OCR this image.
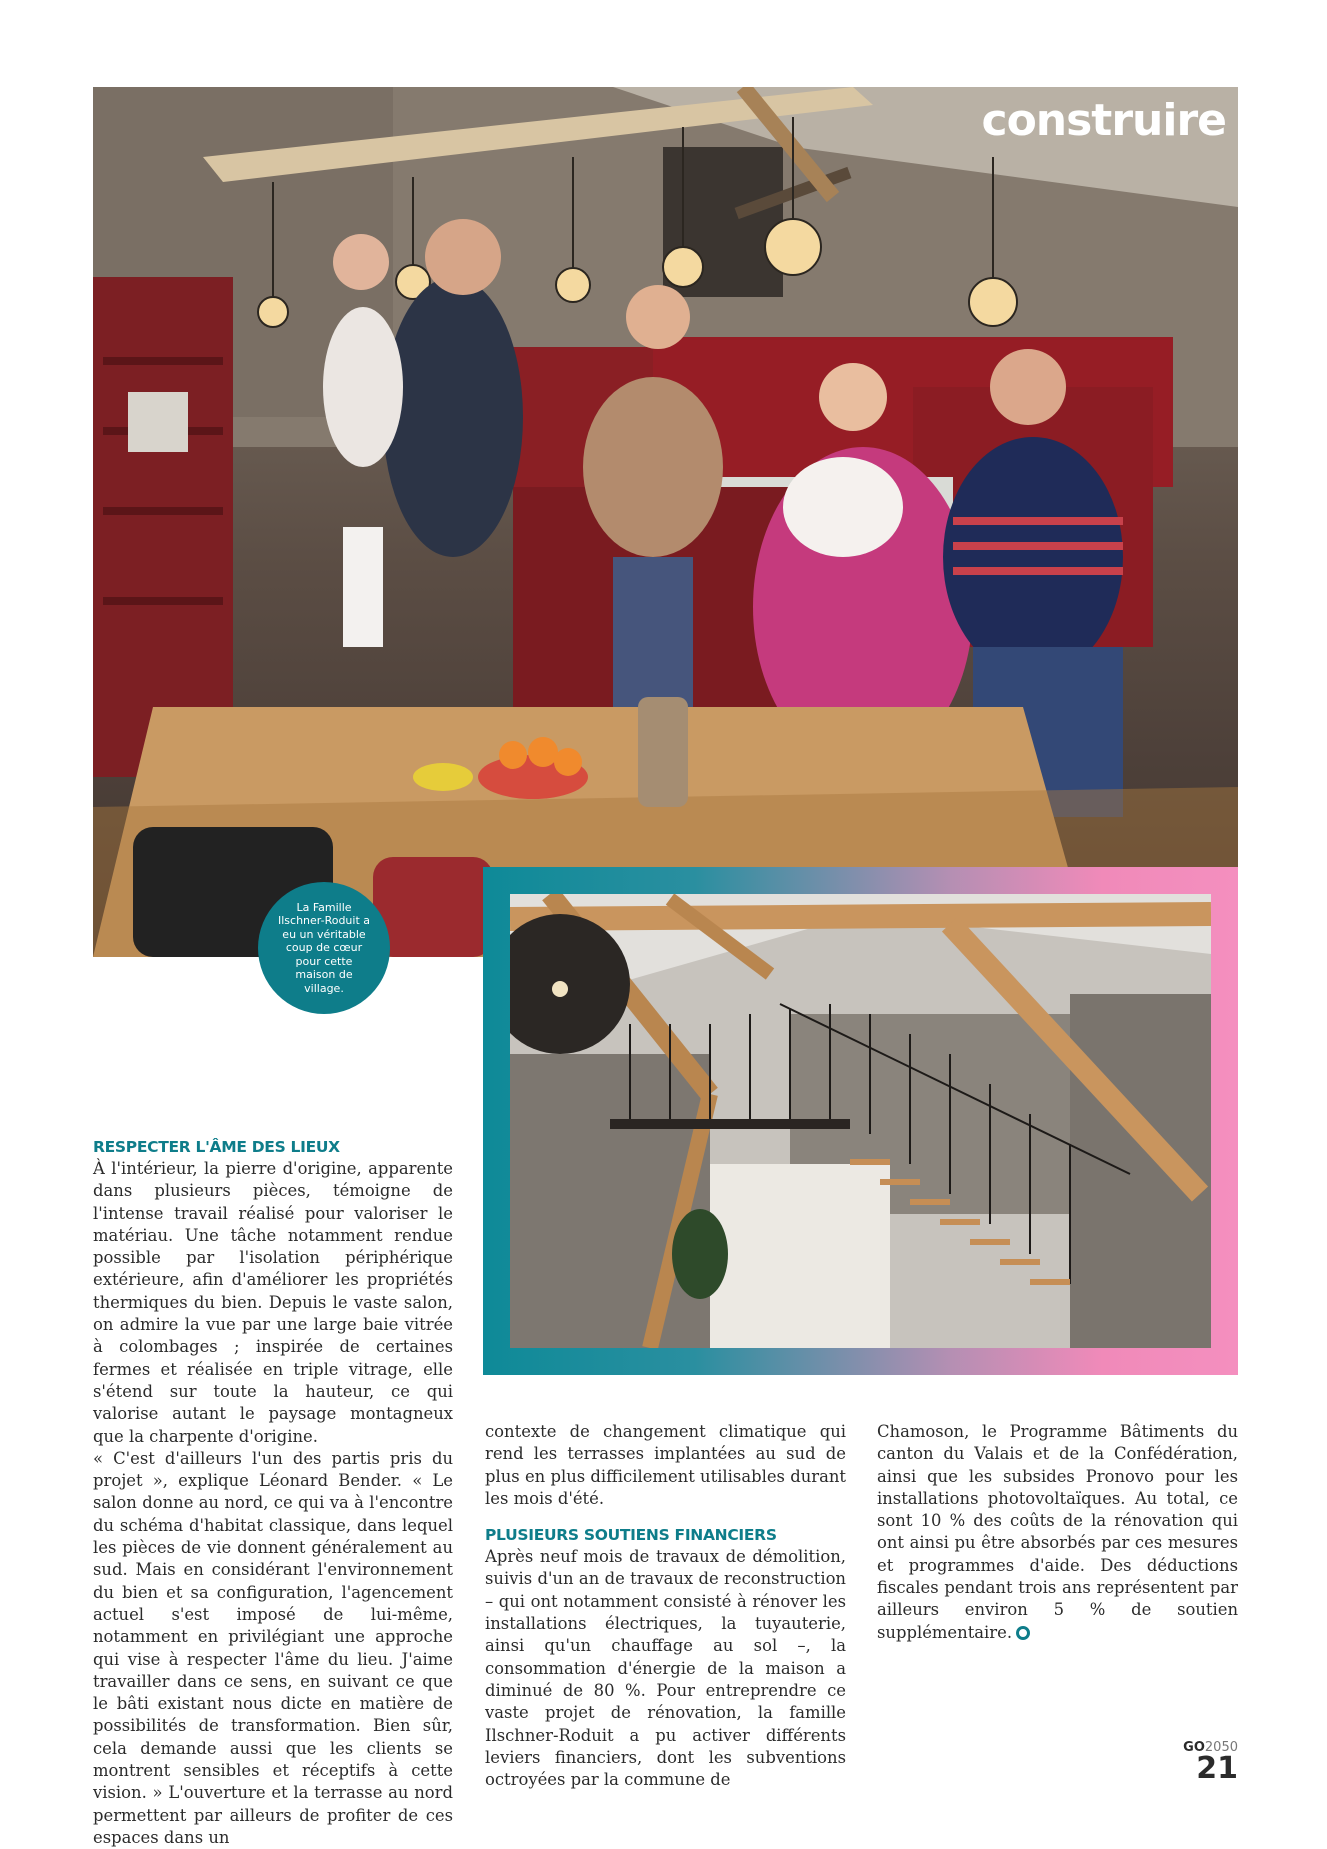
construire
La Famille Ilschner-Roduit a eu un véritable coup de cœur pour cette maison de village.
RESPECTER L'ÂME DES LIEUX

À l'intérieur, la pierre d'origine, apparente dans plusieurs pièces, témoigne de l'intense travail réalisé pour valoriser le matériau. Une tâche notamment rendue possible par l'isolation périphérique extérieure, afin d'améliorer les propriétés thermiques du bien. Depuis le vaste salon, on admire la vue par une large baie vitrée à colombages ; inspirée de certaines fermes et réalisée en triple vitrage, elle s'étend sur toute la hauteur, ce qui valorise autant le paysage montagneux que la charpente d'origine.

« C'est d'ailleurs l'un des partis pris du projet », explique Léonard Bender. « Le salon donne au nord, ce qui va à l'encontre du schéma d'habitat classique, dans lequel les pièces de vie donnent généralement au sud. Mais en considérant l'environnement du bien et sa configuration, l'agencement actuel s'est imposé de lui-même, notamment en privilégiant une approche qui vise à respecter l'âme du lieu. J'aime travailler dans ce sens, en suivant ce que le bâti existant nous dicte en matière de possibilités de transformation. Bien sûr, cela demande aussi que les clients se montrent sensibles et réceptifs à cette vision. » L'ouverture et la terrasse au nord permettent par ailleurs de profiter de ces espaces dans un

contexte de changement climatique qui rend les terrasses implantées au sud de plus en plus difficilement utilisables durant les mois d'été.

PLUSIEURS SOUTIENS FINANCIERS

Après neuf mois de travaux de démolition, suivis d'un an de travaux de reconstruction – qui ont notamment consisté à rénover les installations électriques, la tuyauterie, ainsi qu'un chauffage au sol –, la consommation d'énergie de la maison a diminué de 80 %. Pour entreprendre ce vaste projet de rénovation, la famille Ilschner-Roduit a pu activer différents leviers financiers, dont les subventions octroyées par la commune de

Chamoson, le Programme Bâtiments du canton du Valais et de la Confédération, ainsi que les subsides Pronovo pour les installations photovoltaïques. Au total, ce sont 10 % des coûts de la rénovation qui ont ainsi pu être absorbés par ces mesures et programmes d'aide. Des déductions fiscales pendant trois ans représentent par ailleurs environ 5 % de soutien supplémentaire.

GO2050
21
